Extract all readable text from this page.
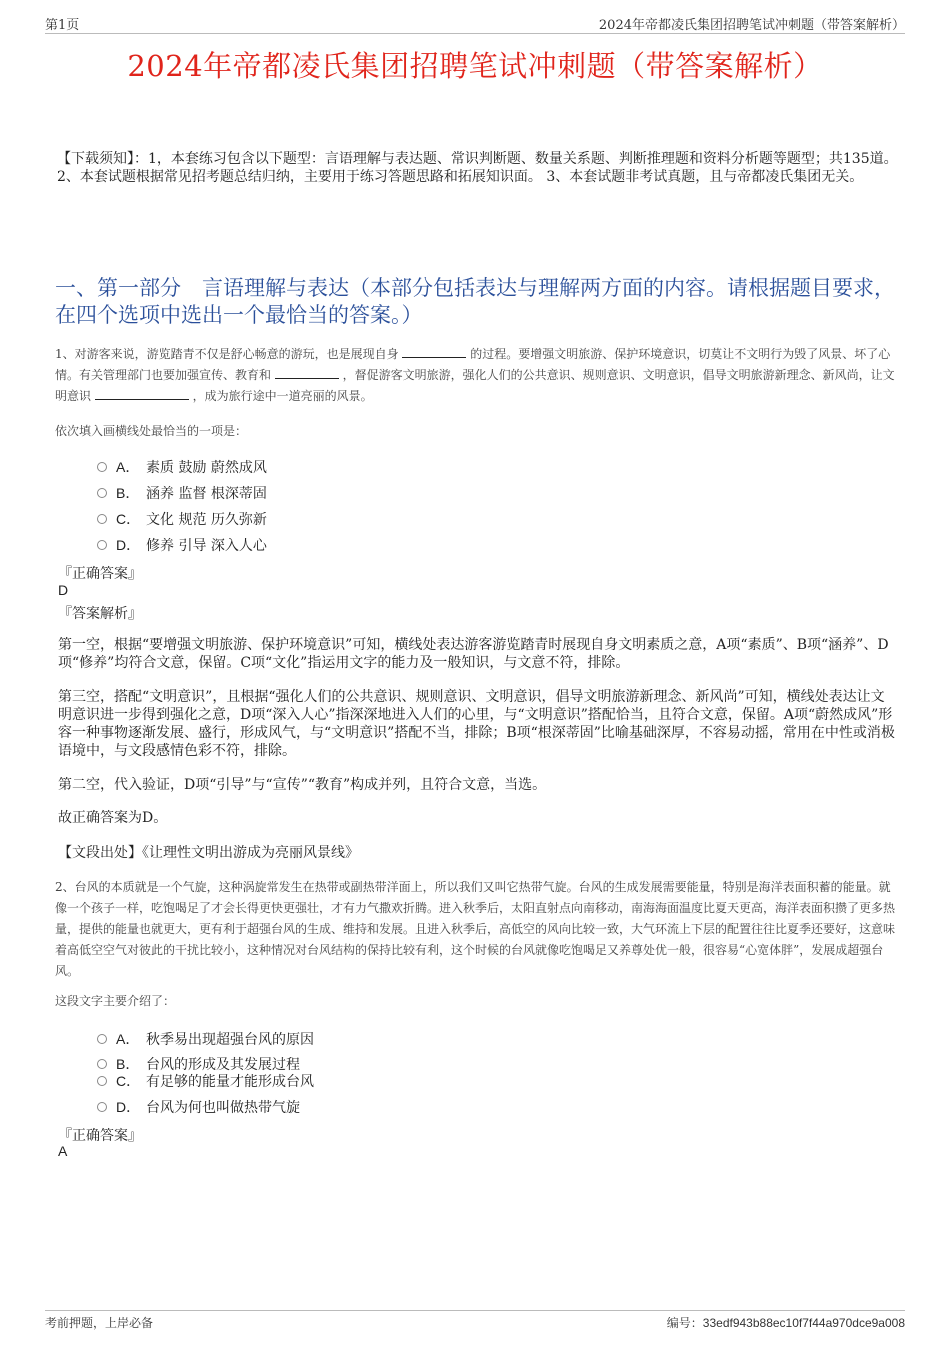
第1页	2024年帝都凌氏集团招聘笔试冲刺题（带答案解析）
2024年帝都凌氏集团招聘笔试冲刺题（带答案解析）
【下载须知】：1，本套练习包含以下题型：言语理解与表达题、常识判断题、数量关系题、判断推理题和资料分析题等题型；共135道。 2、本套试题根据常见招考题总结归纳，主要用于练习答题思路和拓展知识面。 3、本套试题非考试真题，且与帝都凌氏集团无关。
一、第一部分　言语理解与表达（本部分包括表达与理解两方面的内容。请根据题目要求，在四个选项中选出一个最恰当的答案。）
1、对游客来说，游览踏青不仅是舒心畅意的游玩，也是展现自身	的过程。要增强文明旅游、保护环境意识，切莫让不文明行为毁了风景、坏了心情。有关管理部门也要加强宣传、教育和	，督促游客文明旅游，强化人们的公共意识、规则意识、文明意识，倡导文明旅游新理念、新风尚，让文明意识	，成为旅行途中一道亮丽的风景。
依次填入画横线处最恰当的一项是：
A． 素质 鼓励 蔚然成风
B． 涵养 监督 根深蒂固
C． 文化 规范 历久弥新
D． 修养 引导 深入人心
『正确答案』
D
『答案解析』
第一空，根据“要增强文明旅游、保护环境意识”可知，横线处表达游客游览踏青时展现自身文明素质之意，A项“素质”、B项“涵养”、D项“修养”均符合文意，保留。C项“文化”指运用文字的能力及一般知识，与文意不符，排除。
第三空，搭配“文明意识”，且根据“强化人们的公共意识、规则意识、文明意识，倡导文明旅游新理念、新风尚”可知，横线处表达让文明意识进一步得到强化之意，D项“深入人心”指深深地进入人们的心里，与“文明意识”搭配恰当，且符合文意，保留。A项“蔚然成风”形容一种事物逐渐发展、盛行，形成风气，与“文明意识”搭配不当，排除；B项“根深蒂固”比喻基础深厚，不容易动摇，常用在中性或消极语境中，与文段感情色彩不符，排除。
第二空，代入验证，D项“引导”与“宣传”“教育”构成并列，且符合文意，当选。
故正确答案为D。
【文段出处】《让理性文明出游成为亮丽风景线》
2、台风的本质就是一个气旋，这种涡旋常发生在热带或副热带洋面上，所以我们又叫它热带气旋。台风的生成发展需要能量，特别是海洋表面积蓄的能量。就像一个孩子一样，吃饱喝足了才会长得更快更强壮，才有力气撒欢折腾。进入秋季后，太阳直射点向南移动，南海海面温度比夏天更高，海洋表面积攒了更多热量，提供的能量也就更大，更有利于超强台风的生成、维持和发展。且进入秋季后，高低空的风向比较一致，大气环流上下层的配置往往比夏季还要好，这意味着高低空空气对彼此的干扰比较小，这种情况对台风结构的保持比较有利，这个时候的台风就像吃饱喝足又养尊处优一般，很容易“心宽体胖”，发展成超强台风。
这段文字主要介绍了：
A． 秋季易出现超强台风的原因
B． 台风的形成及其发展过程
C． 有足够的能量才能形成台风
D． 台风为何也叫做热带气旋
『正确答案』
A
考前押题，上岸必备	编号：33edf943b88ec10f7f44a970dce9a008
